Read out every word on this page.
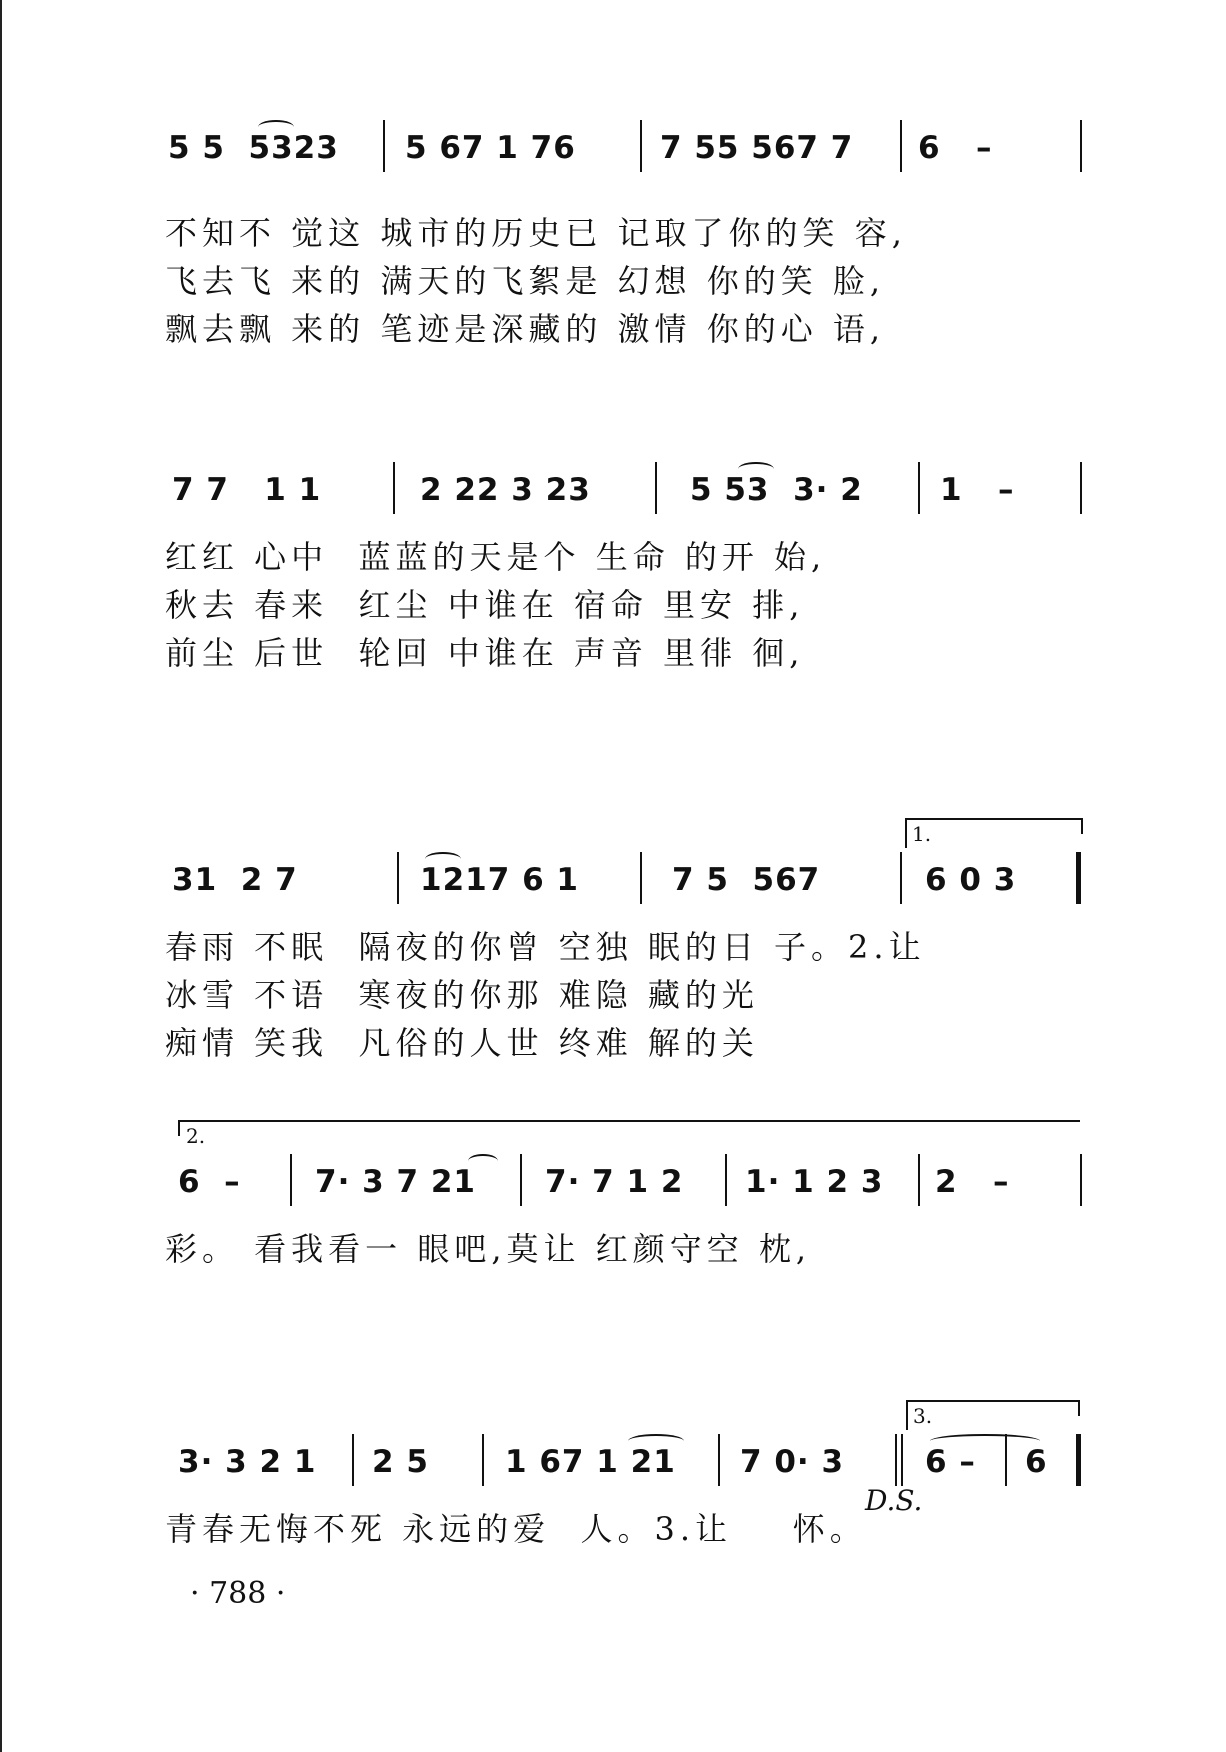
5 5  5323 5 67 1 76	7 55 567 7 6   –
不知不 觉这 城市的历史已 记取了你的笑 容,
飞去飞 来的 满天的飞絮是 幻想 你的笑 脸,
飘去飘 来的 笔迹是深藏的 激情 你的心 语,
7 7   1 1	2 22 3 23	5 53  3· 2 1   –
红红 心中  蓝蓝的天是个 生命 的开 始,
秋去 春来  红尘 中谁在 宿命 里安 排,
前尘 后世  轮回 中谁在 声音 里徘 徊,
1.
31  2 7	1217 6 1	7 5  567	6 0 3
春雨 不眠  隔夜的你曾 空独 眠的日 子。2.让
冰雪 不语  寒夜的你那 难隐 藏的光
痴情 笑我  凡俗的人世 终难 解的关
2.
6  – 7· 3 7 21 7· 7 1 2 1· 1 2 3 2   –
彩。 看我看一 眼吧,莫让 红颜守空 枕,
3.
3· 3 2 1 2 5 1 67 1 21 7 0· 3	6 – 6
D.S.
青春无悔不死 永远的爱  人。3.让    怀。
· 788 ·
